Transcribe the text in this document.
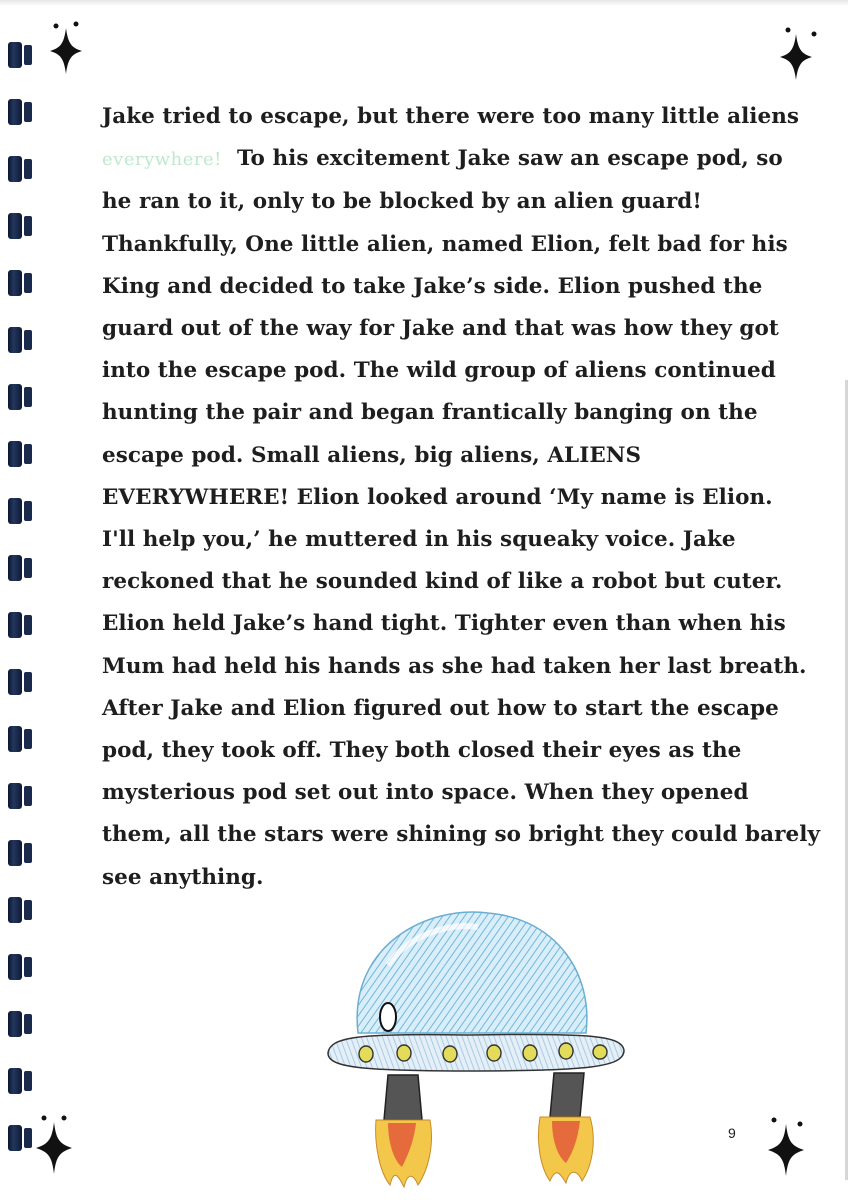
Jake tried to escape, but there were too many little aliens
everywhere! To his excitement Jake saw an escape pod, so
he ran to it, only to be blocked by an alien guard!
Thankfully, One little alien, named Elion, felt bad for his
King and decided to take Jake’s side. Elion pushed the
guard out of the way for Jake and that was how they got
into the escape pod. The wild group of aliens continued
hunting the pair and began frantically banging on the
escape pod. Small aliens, big aliens, ALIENS
EVERYWHERE! Elion looked around ‘My name is Elion.
I'll help you,’ he muttered in his squeaky voice. Jake
reckoned that he sounded kind of like a robot but cuter.
Elion held Jake’s hand tight. Tighter even than when his
Mum had held his hands as she had taken her last breath.
After Jake and Elion figured out how to start the escape
pod, they took off. They both closed their eyes as the
mysterious pod set out into space. When they opened
them, all the stars were shining so bright they could barely
see anything.
9
